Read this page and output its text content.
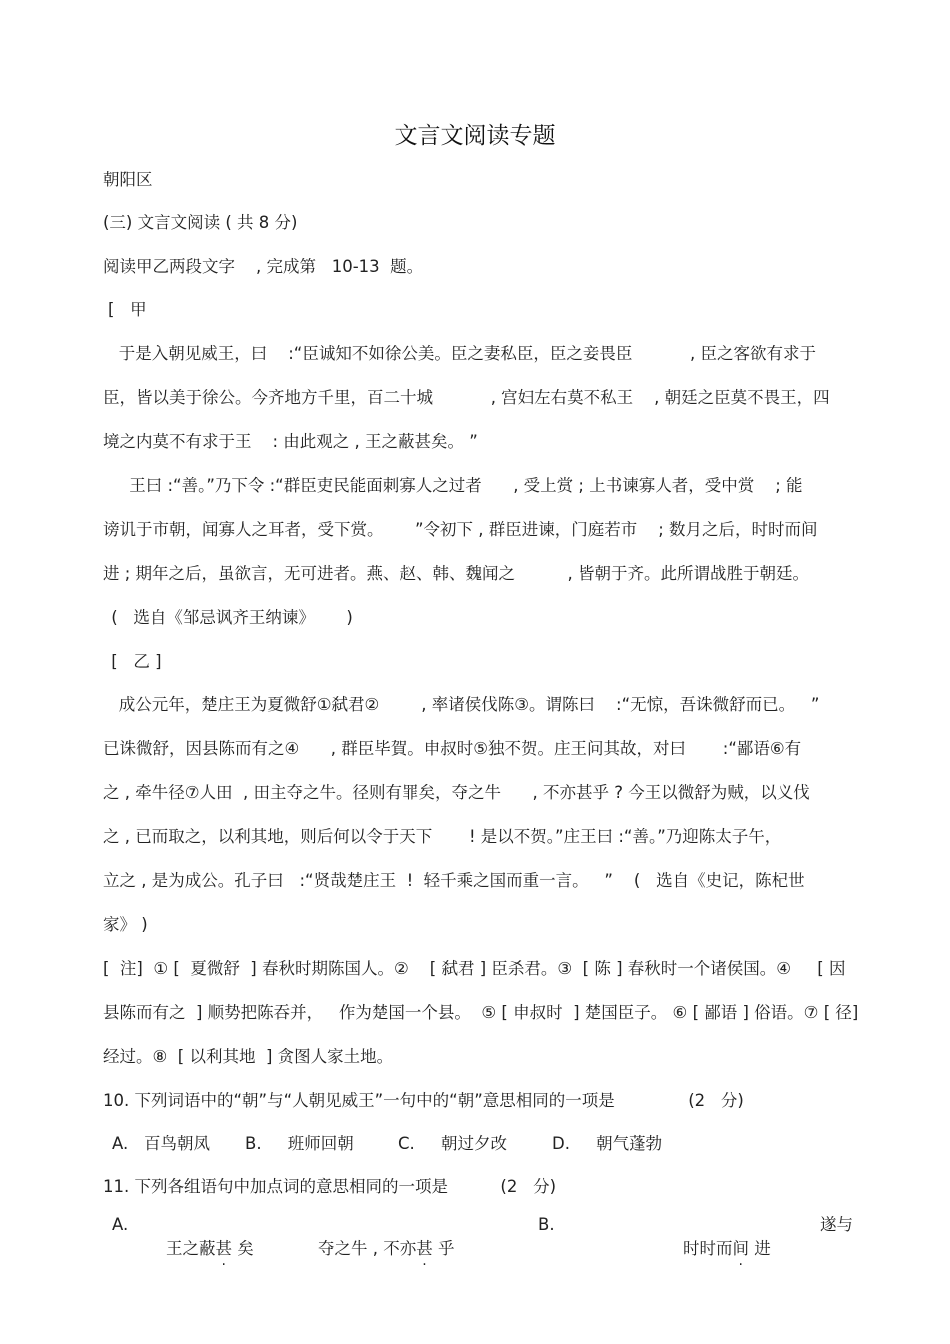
文言文阅读专题
朝阳区
(三) 文言文阅读 ( 共 8 分)
阅读甲乙两段文字    , 完成第   10-13  题。
[   甲
于是入朝见威王，曰    :“臣诚知不如徐公美。臣之妻私臣，臣之妾畏臣           , 臣之客欲有求于
臣，皆以美于徐公。今齐地方千里，百二十城           , 宫妇左右莫不私王    , 朝廷之臣莫不畏王，四
境之内莫不有求于王    : 由此观之 , 王之蔽甚矣。 ”
王曰 :“善。”乃下令 :“群臣吏民能面刺寡人之过者      , 受上赏 ; 上书谏寡人者，受中赏    ; 能
谤讥于市朝，闻寡人之耳者，受下赏。      ”令初下 , 群臣进谏，门庭若市    ; 数月之后，时时而间
进 ; 期年之后，虽欲言，无可进者。燕、赵、韩、魏闻之          , 皆朝于齐。此所谓战胜于朝廷。
(   选自《邹忌讽齐王纳谏》      )
[   乙 ]
成公元年，楚庄王为夏微舒①弑君②        , 率诸侯伐陈③。谓陈曰    :“无惊，吾诛微舒而已。   ”
已诛微舒，因县陈而有之④      , 群臣毕賀。申叔时⑤独不贺。庄王问其故，对曰       :“鄙语⑥有
之 , 牵牛径⑦人田  , 田主夺之牛。径则有罪矣，夺之牛      , 不亦甚乎 ? 今王以微舒为贼，以义伐
之 , 已而取之，以利其地，则后何以令于天下       ! 是以不贺。”庄王曰 :“善。”乃迎陈太子午，
立之 , 是为成公。孔子曰   :“贤哉楚庄王  !  轻千乘之国而重一言。   ”    (   选自《史记，陈杞世
家》 )
[  注]  ① [  夏微舒  ] 春秋时期陈国人。②    [ 弑君 ] 臣杀君。③  [ 陈 ] 春秋时一个诸侯国。④     [ 因
县陈而有之  ] 顺势把陈吞并，   作为楚国一个县。  ⑤ [ 申叔时  ] 楚国臣子。 ⑥ [ 鄙语 ] 俗语。⑦ [ 径]
经过。⑧  [ 以利其地  ] 贪图人家土地。
10. 下列词语中的“朝”与“人朝见威王”一句中的“朝”意思相同的一项是              (2   分)
A.   百鸟朝凤	B.     班师回朝	C.     朝过夕改	D.     朝气蓬勃
11. 下列各组语句中加点词的意思相同的一项是          (2   分)
A.

王之蔽甚 矣
	夺之牛 , 不亦甚 乎

B.

时时而间 进

遂与
